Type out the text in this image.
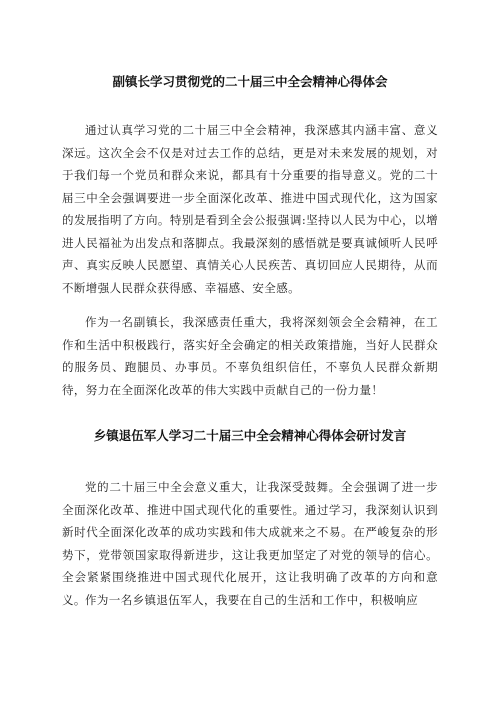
副镇长学习贯彻党的二十届三中全会精神心得体会

通过认真学习党的二十届三中全会精神，我深感其内涵丰富、意义深远。这次全会不仅是对过去工作的总结，更是对未来发展的规划，对于我们每一个党员和群众来说，都具有十分重要的指导意义。党的二十届三中全会强调要进一步全面深化改革、推进中国式现代化，这为国家的发展指明了方向。特别是看到全会公报强调:坚持以人民为中心，以增进人民福祉为出发点和落脚点。我最深刻的感悟就是要真诚倾听人民呼声、真实反映人民愿望、真情关心人民疾苦、真切回应人民期待，从而不断增强人民群众获得感、幸福感、安全感。

作为一名副镇长，我深感责任重大，我将深刻领会全会精神，在工作和生活中积极践行，落实好全会确定的相关政策措施，当好人民群众的服务员、跑腿员、办事员。不辜负组织信任，不辜负人民群众新期待，努力在全面深化改革的伟大实践中贡献自己的一份力量！

乡镇退伍军人学习二十届三中全会精神心得体会研讨发言

党的二十届三中全会意义重大，让我深受鼓舞。全会强调了进一步全面深化改革、推进中国式现代化的重要性。通过学习，我深刻认识到新时代全面深化改革的成功实践和伟大成就来之不易。在严峻复杂的形势下，党带领国家取得新进步，这让我更加坚定了对党的领导的信心。全会紧紧围绕推进中国式现代化展开，这让我明确了改革的方向和意义。 作为一名乡镇退伍军人，我要在自己的生活和工作中，积极响应
